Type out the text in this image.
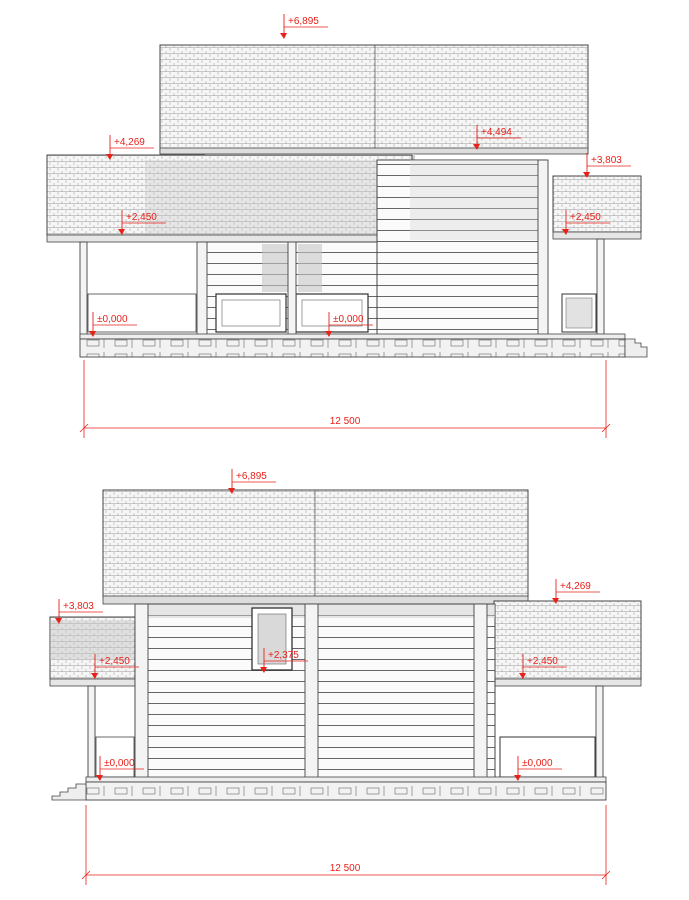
+6,895
+4,269
+4,494
+3,803
+2,450	+2,450
±0,000	±0,000
+6,895
+3,803
+4,269
+2,450
+2,375
+2,450
±0,000	±0,000
12 500
12 500
